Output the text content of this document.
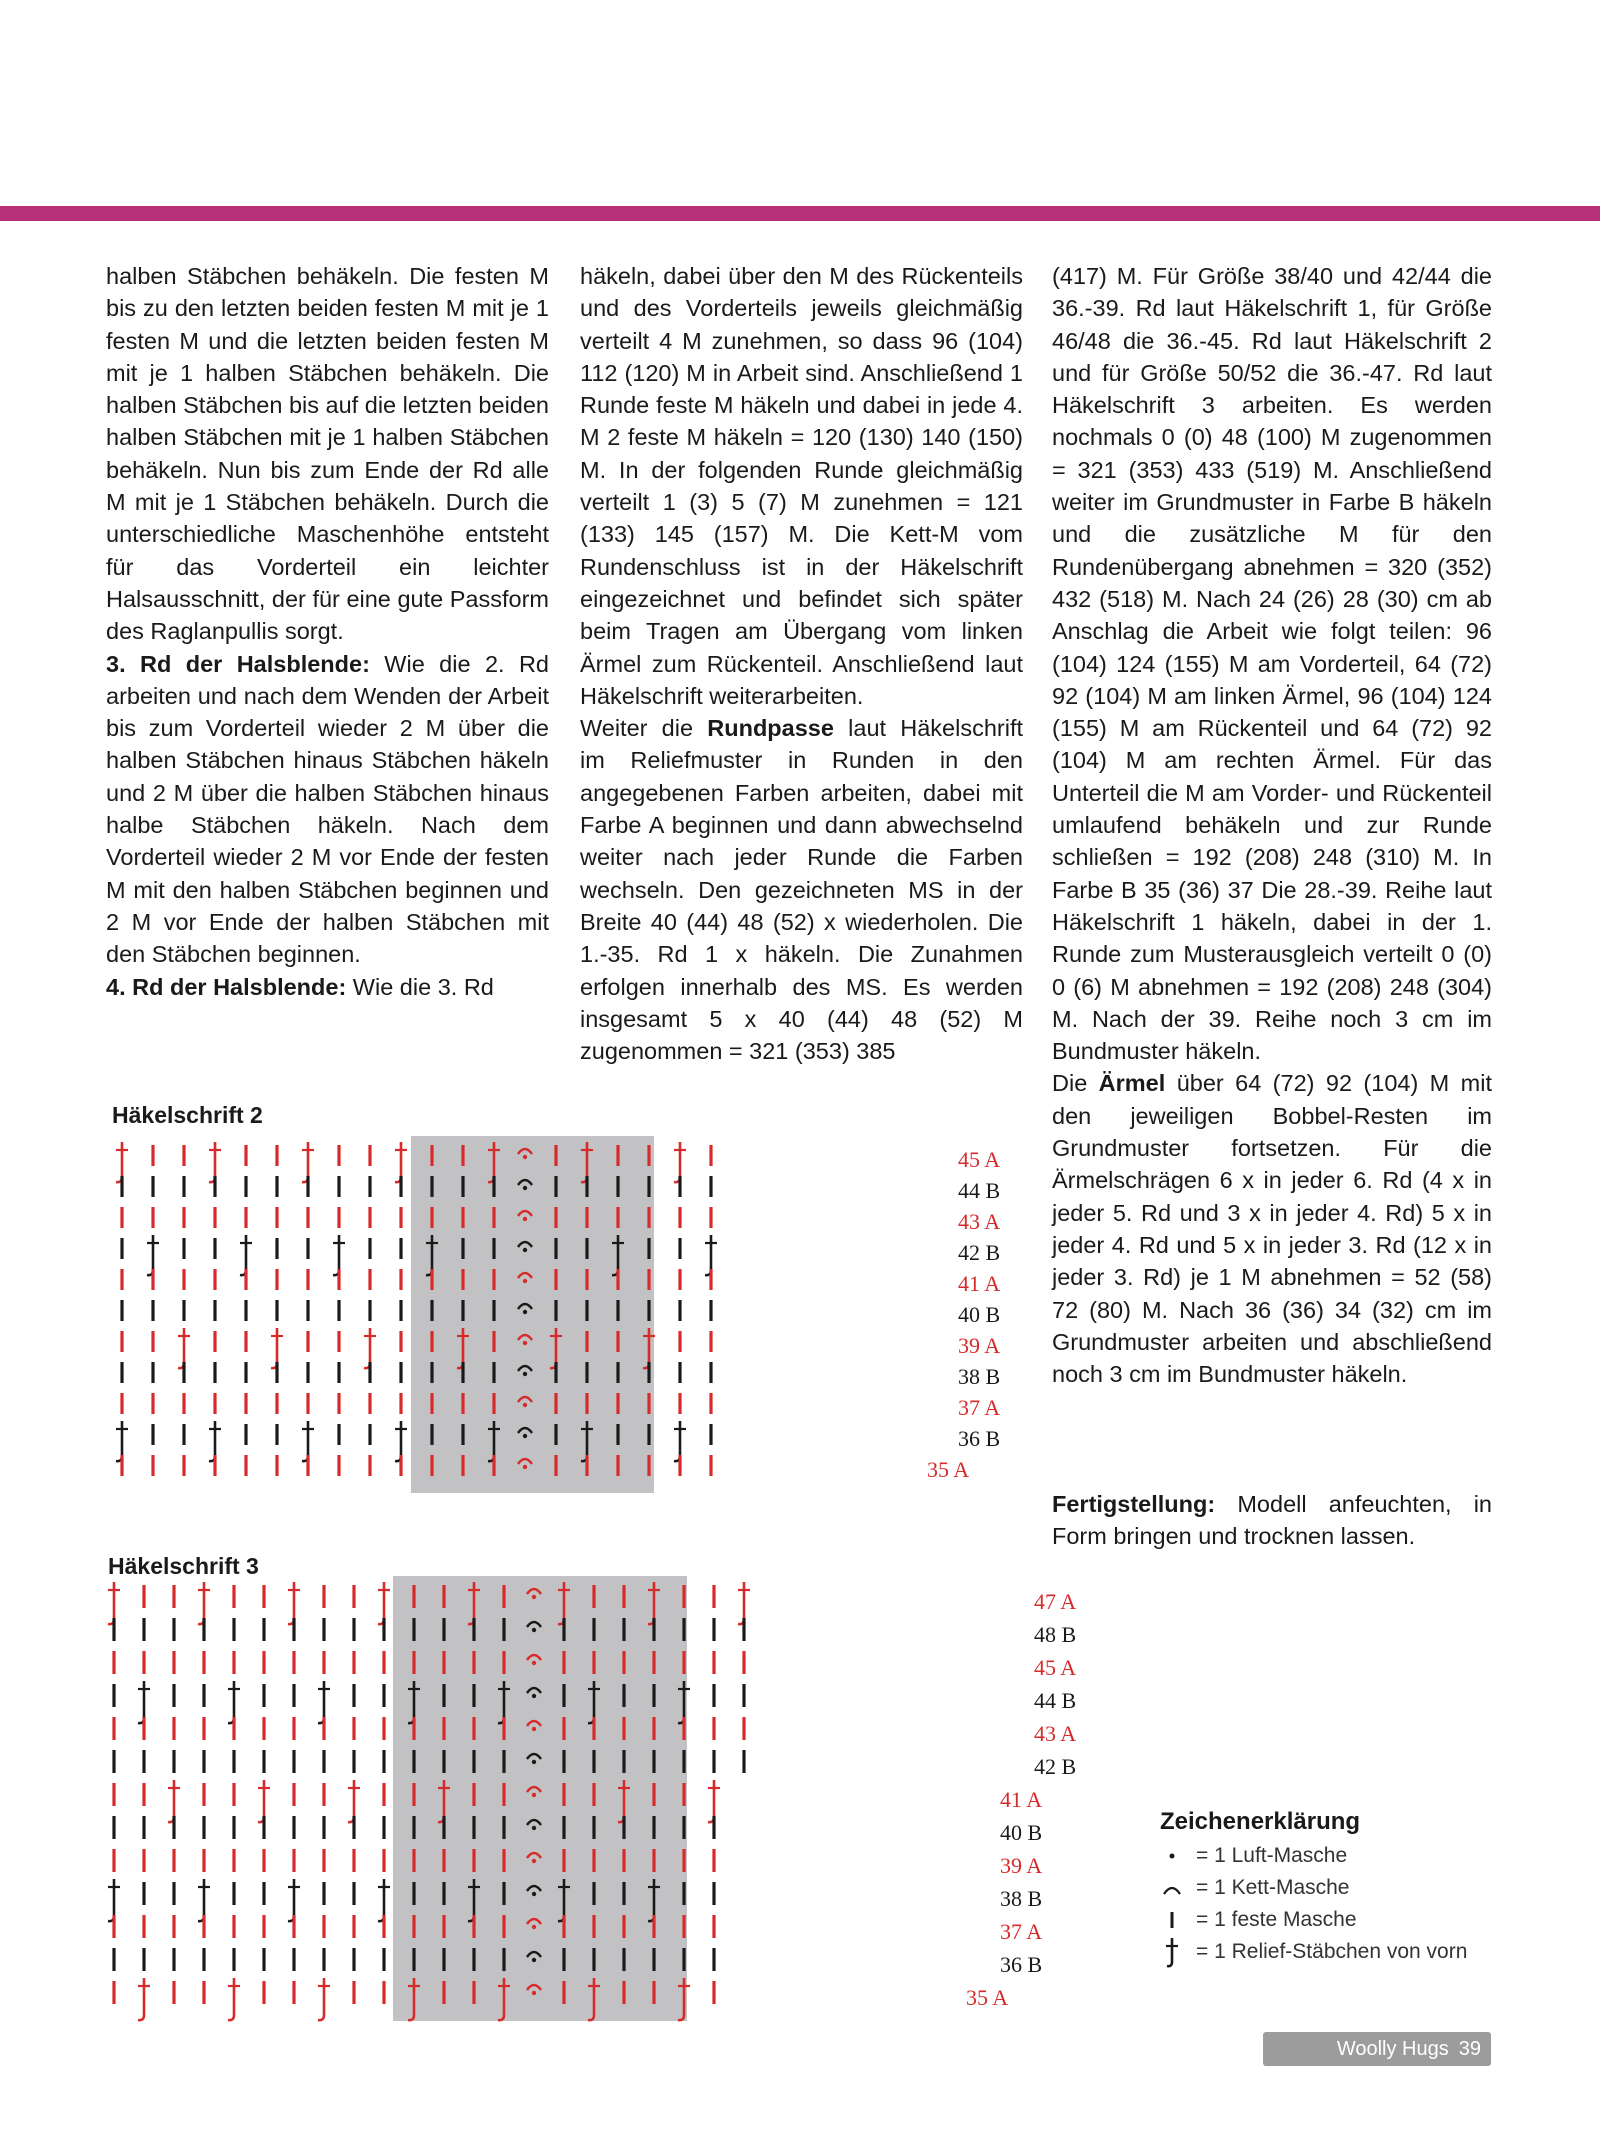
halben Stäbchen behäkeln. Die festen M bis zu den letzten beiden festen M mit je 1 festen M und die letzten beiden festen M mit je 1 halben Stäbchen behäkeln. Die halben Stäbchen bis auf die letzten beiden halben Stäbchen mit je 1 halben Stäbchen behäkeln. Nun bis zum Ende der Rd alle M mit je 1 Stäbchen behäkeln. Durch die unterschiedliche Maschenhöhe entsteht für das Vorderteil ein leichter Halsausschnitt, der für eine gute Passform des Raglanpullis sorgt.

3. Rd der Halsblende: Wie die 2. Rd arbeiten und nach dem Wenden der Arbeit bis zum Vorderteil wieder 2 M über die halben Stäbchen hinaus Stäbchen häkeln und 2 M über die halben Stäbchen hinaus halbe Stäbchen häkeln. Nach dem Vorderteil wieder 2 M vor Ende der festen M mit den halben Stäbchen beginnen und 2 M vor Ende der halben Stäbchen mit den Stäbchen beginnen.

4. Rd der Halsblende: Wie die 3. Rd

häkeln, dabei über den M des Rückenteils und des Vorderteils jeweils gleichmäßig verteilt 4 M zunehmen, so dass 96 (104) 112 (120) M in Arbeit sind. Anschließend 1 Runde feste M häkeln und dabei in jede 4. M 2 feste M häkeln = 120 (130) 140 (150) M. In der folgenden Runde gleichmäßig verteilt 1 (3) 5 (7) M zunehmen = 121 (133) 145 (157) M. Die Kett-M vom Rundenschluss ist in der Häkelschrift eingezeichnet und befindet sich später beim Tragen am Übergang vom linken Ärmel zum Rückenteil. Anschließend laut Häkelschrift weiterarbeiten.

Weiter die Rundpasse laut Häkelschrift im Reliefmuster in Runden in den angegebenen Farben arbeiten, dabei mit Farbe A beginnen und dann abwechselnd weiter nach jeder Runde die Farben wechseln. Den gezeichneten MS in der Breite 40 (44) 48 (52) x wiederholen. Die 1.-35. Rd 1 x häkeln. Die Zunahmen erfolgen innerhalb des MS. Es werden insgesamt 5 x 40 (44) 48 (52) M zugenommen = 321 (353) 385

(417) M. Für Größe 38/40 und 42/44 die 36.-39. Rd laut Häkelschrift 1, für Größe 46/48 die 36.-45. Rd laut Häkelschrift 2 und für Größe 50/52 die 36.-47. Rd laut Häkelschrift 3 arbeiten. Es werden nochmals 0 (0) 48 (100) M zugenommen = 321 (353) 433 (519) M. Anschließend weiter im Grundmuster in Farbe B häkeln und die zusätzliche M für den Rundenübergang abnehmen = 320 (352) 432 (518) M. Nach 24 (26) 28 (30) cm ab Anschlag die Arbeit wie folgt teilen: 96 (104) 124 (155) M am Vorderteil, 64 (72) 92 (104) M am linken Ärmel, 96 (104) 124 (155) M am Rückenteil und 64 (72) 92 (104) M am rechten Ärmel. Für das Unterteil die M am Vorder- und Rückenteil umlaufend behäkeln und zur Runde schließen = 192 (208) 248 (310) M. In Farbe B 35 (36) 37 Die 28.-39. Reihe laut Häkelschrift 1 häkeln, dabei in der 1. Runde zum Musterausgleich verteilt 0 (0) 0 (6) M abnehmen = 192 (208) 248 (304) M. Nach der 39. Reihe noch 3 cm im Bundmuster häkeln.

Die Ärmel über 64 (72) 92 (104) M mit den jeweiligen Bobbel-Resten im Grundmuster fortsetzen. Für die Ärmelschrägen 6 x in jeder 6. Rd (4 x in jeder 5. Rd und 3 x in jeder 4. Rd) 5 x in jeder 4. Rd und 5 x in jeder 3. Rd (12 x in jeder 3. Rd) je 1 M abnehmen = 52 (58) 72 (80) M. Nach 36 (36) 34 (32) cm im Grundmuster arbeiten und abschließend noch 3 cm im Bundmuster häkeln.

Fertigstellung: Modell anfeuchten, in Form bringen und trocknen lassen.
Häkelschrift 2
Häkelschrift 3
45 A
44 B
43 A
42 B
41 A
40 B
39 A
38 B
37 A
36 B
35 A
47 A
48 B
45 A
44 B
43 A
42 B
41 A
40 B
39 A
38 B
37 A
36 B
35 A
Zeichenerklärung
= 1 Luft-Masche
= 1 Kett-Masche
= 1 feste Masche
= 1 Relief-Stäbchen von vorn
Woolly Hugs 39
